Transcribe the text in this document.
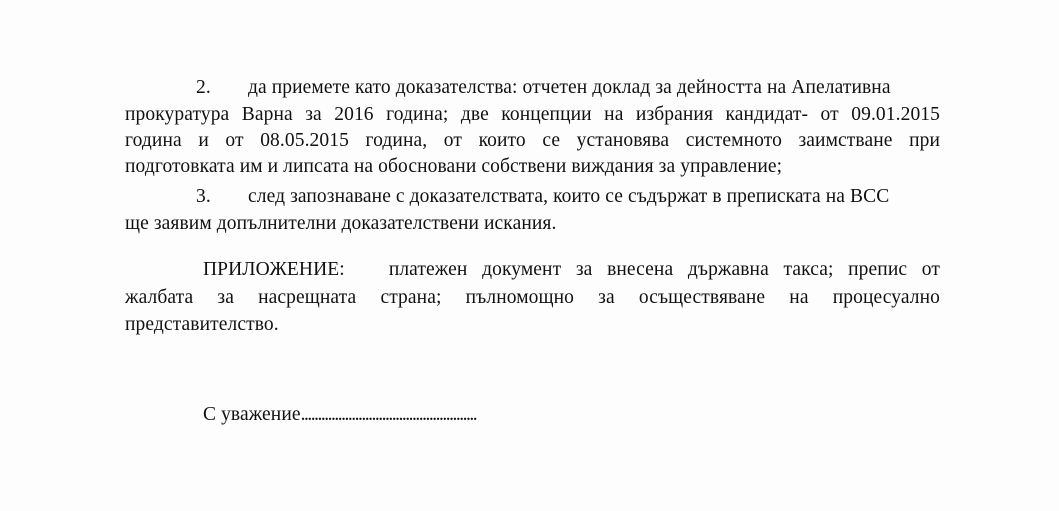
2. да приемете като доказателства: отчетен доклад за дейността на Апелативна
прокуратура Варна за 2016 година; две концепции на избрания кандидат- от 09.01.2015
година и от 08.05.2015 година, от които се установява системното заимстване при
подготовката им и липсата на обосновани собствени виждания за управление;
3. след запознаване с доказателствата, които се съдържат в преписката на ВСС
ще заявим допълнителни доказателствени искания.
ПРИЛОЖЕНИЕ: платежен документ за внесена държавна такса; препис от
жалбата за насрещната страна; пълномощно за осъществяване на процесуално
представителство.
С уважение....................................................
